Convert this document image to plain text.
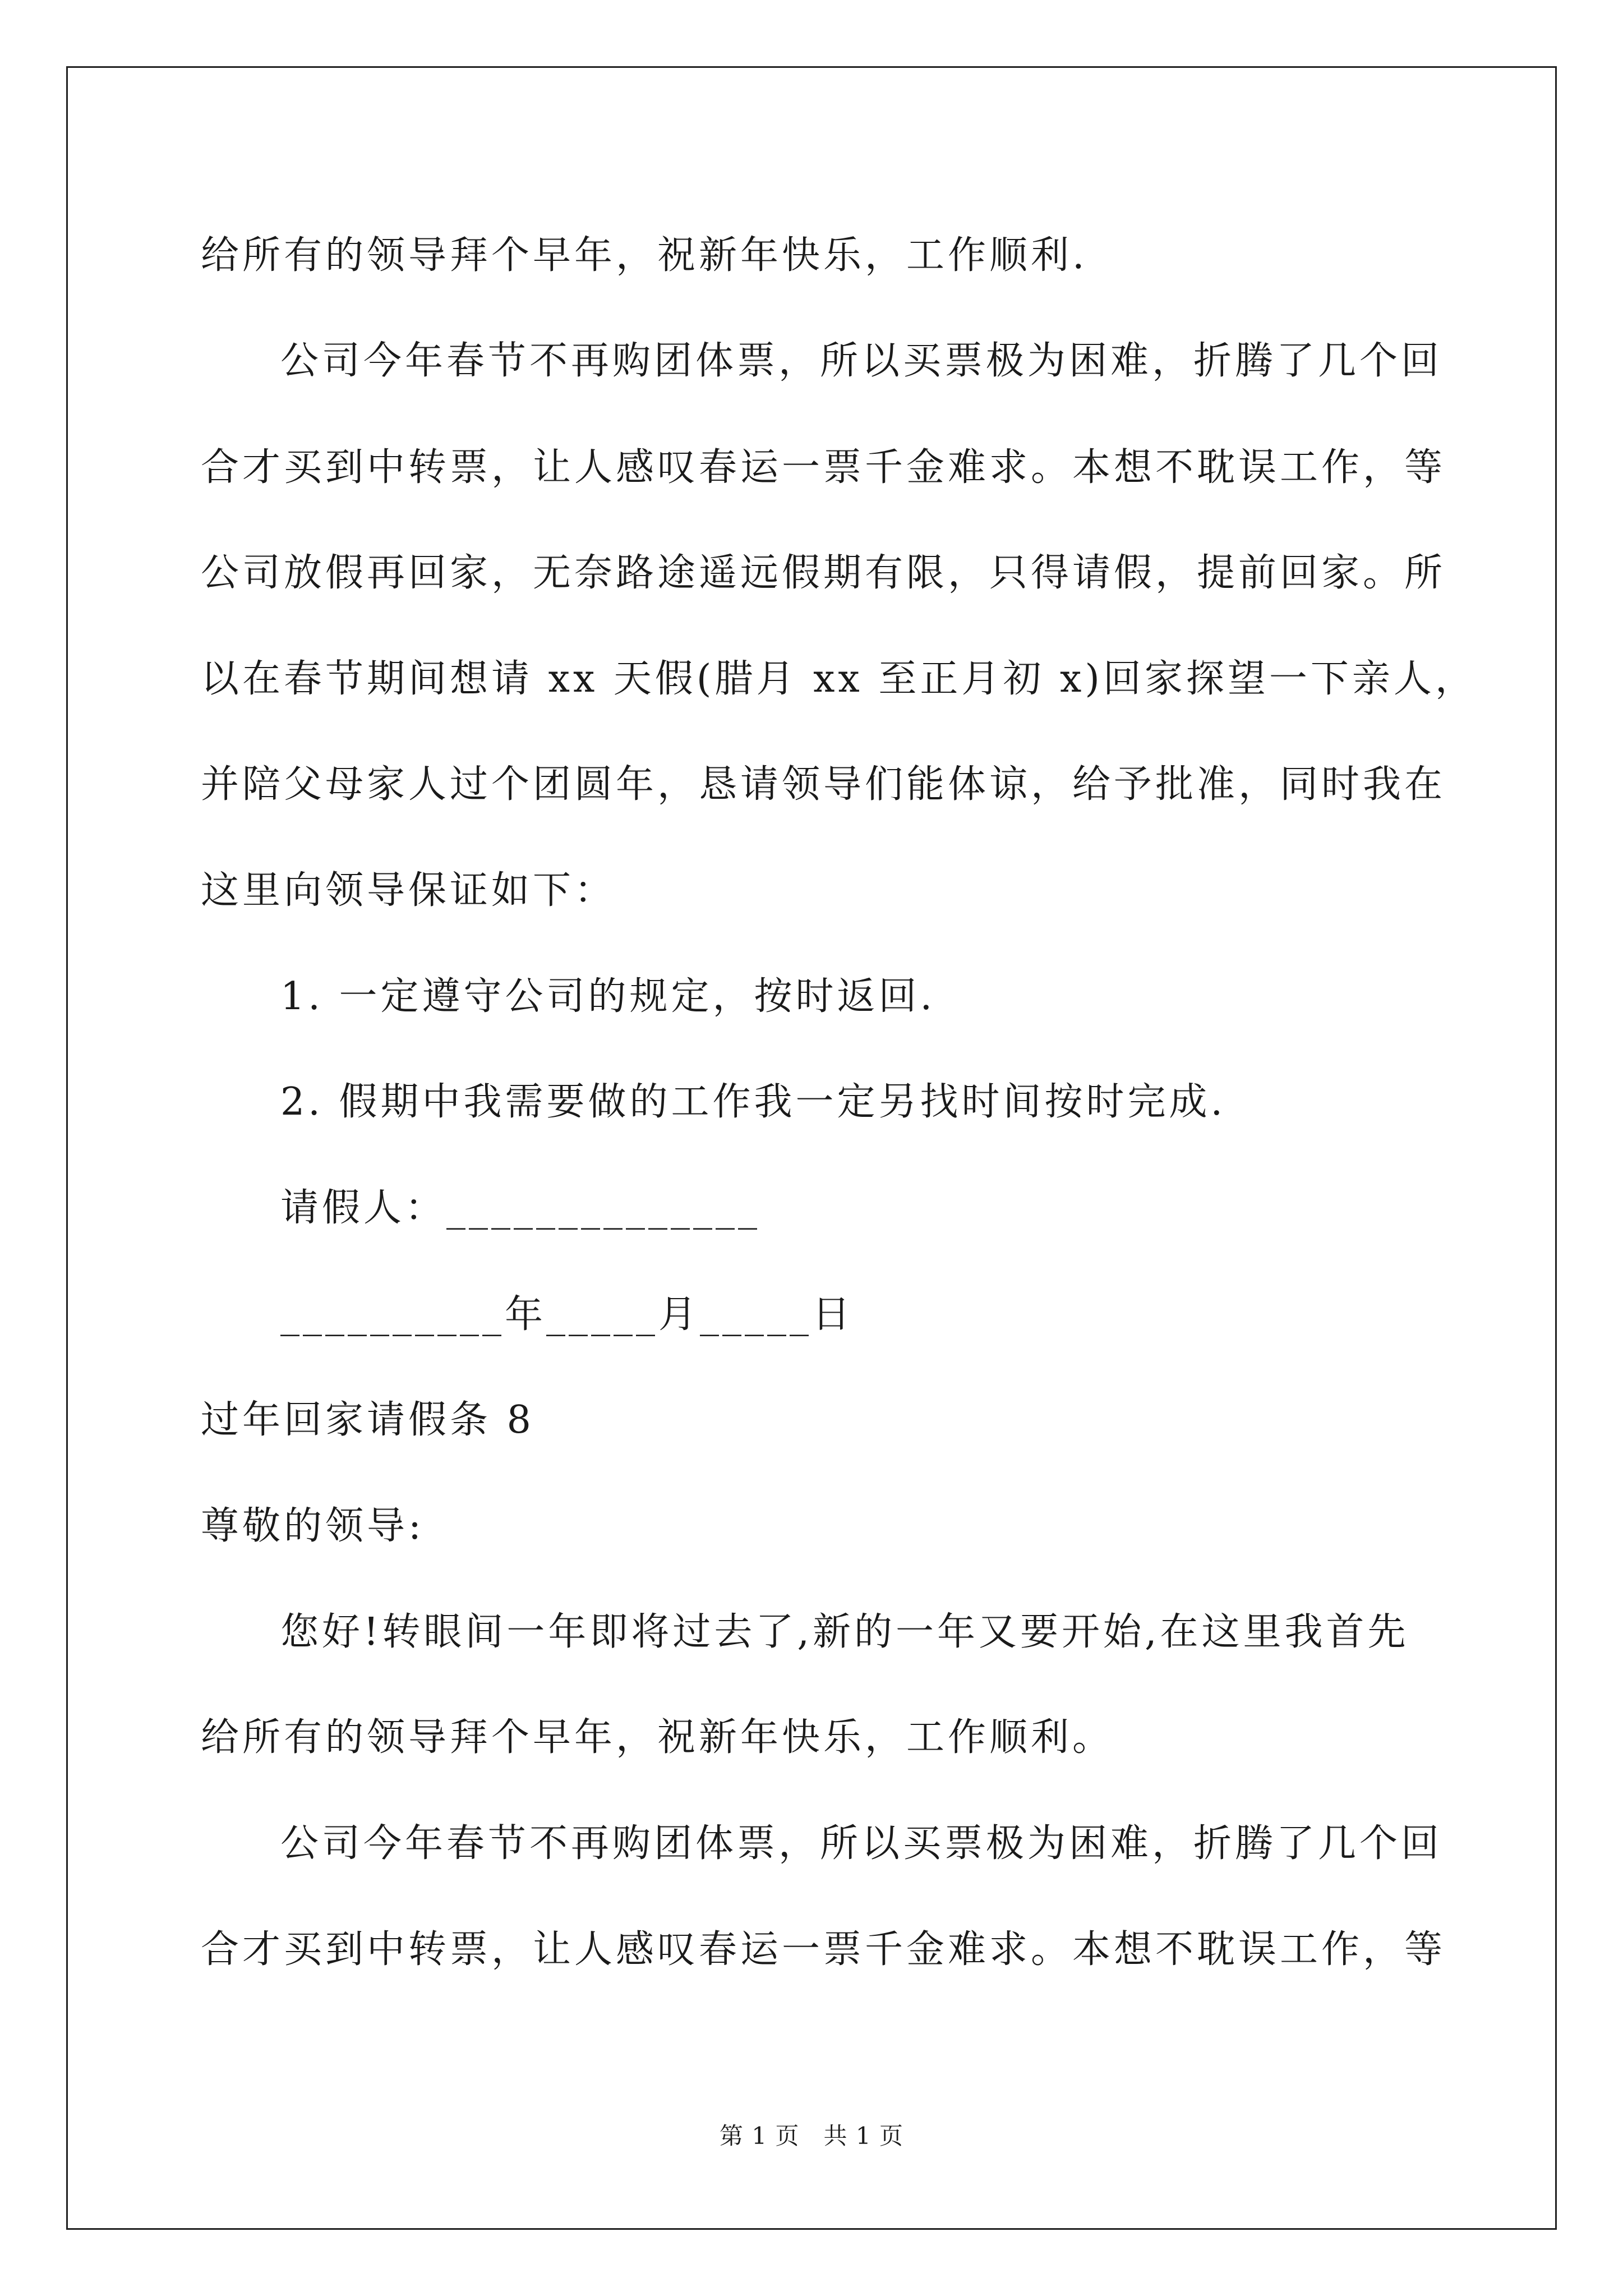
给所有的领导拜个早年，祝新年快乐，工作顺利.
公司今年春节不再购团体票，所以买票极为困难，折腾了几个回
合才买到中转票，让人感叹春运一票千金难求。本想不耽误工作，等
公司放假再回家，无奈路途遥远假期有限，只得请假，提前回家。所
以在春节期间想请 xx 天假(腊月 xx 至正月初 x)回家探望一下亲人，
并陪父母家人过个团圆年，恳请领导们能体谅，给予批准，同时我在
这里向领导保证如下：
1. 一定遵守公司的规定，按时返回.
2. 假期中我需要做的工作我一定另找时间按时完成.
请假人：______________
__________年_____月_____日
过年回家请假条 8
尊敬的领导:
您好!转眼间一年即将过去了,新的一年又要开始,在这里我首先
给所有的领导拜个早年，祝新年快乐，工作顺利。
公司今年春节不再购团体票，所以买票极为困难，折腾了几个回
合才买到中转票，让人感叹春运一票千金难求。本想不耽误工作，等
第 1 页   共 1 页
